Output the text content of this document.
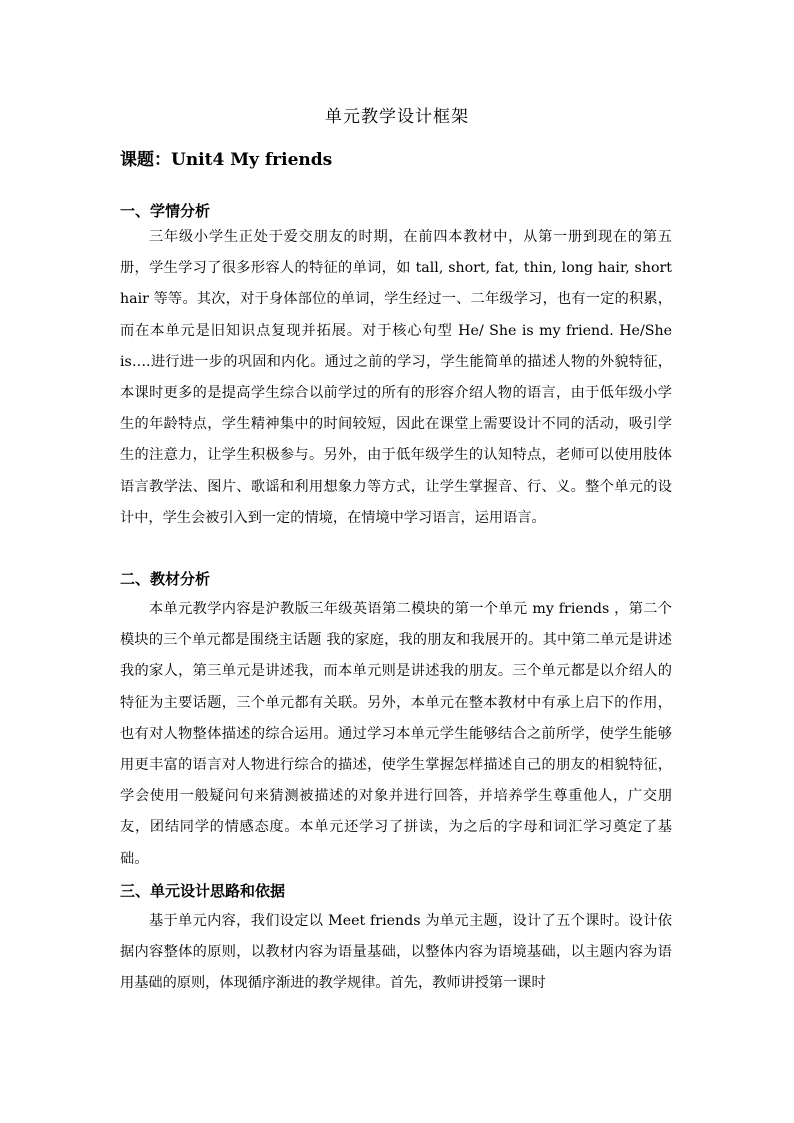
单元教学设计框架
课题：Unit4 My friends
一、学情分析

三年级小学生正处于爱交朋友的时期，在前四本教材中，从第一册到现在的第五册，学生学习了很多形容人的特征的单词，如 tall, short, fat, thin, long hair, short hair 等等。其次，对于身体部位的单词，学生经过一、二年级学习，也有一定的积累，而在本单元是旧知识点复现并拓展。对于核心句型 He/ She is my friend. He/She is….进行进一步的巩固和内化。通过之前的学习，学生能简单的描述人物的外貌特征，本课时更多的是提高学生综合以前学过的所有的形容介绍人物的语言，由于低年级小学生的年龄特点，学生精神集中的时间较短，因此在课堂上需要设计不同的活动，吸引学生的注意力，让学生积极参与。另外，由于低年级学生的认知特点，老师可以使用肢体语言教学法、图片、歌谣和利用想象力等方式，让学生掌握音、行、义。整个单元的设计中，学生会被引入到一定的情境，在情境中学习语言，运用语言。

二、教材分析

本单元教学内容是沪教版三年级英语第二模块的第一个单元 my friends ，第二个模块的三个单元都是围绕主话题 我的家庭，我的朋友和我展开的。其中第二单元是讲述我的家人，第三单元是讲述我，而本单元则是讲述我的朋友。三个单元都是以介绍人的特征为主要话题，三个单元都有关联。另外，本单元在整本教材中有承上启下的作用，也有对人物整体描述的综合运用。通过学习本单元学生能够结合之前所学，使学生能够用更丰富的语言对人物进行综合的描述，使学生掌握怎样描述自己的朋友的相貌特征，学会使用一般疑问句来猜测被描述的对象并进行回答，并培养学生尊重他人，广交朋友，团结同学的情感态度。本单元还学习了拼读，为之后的字母和词汇学习奠定了基础。

三、单元设计思路和依据

基于单元内容，我们设定以 Meet friends 为单元主题，设计了五个课时。设计依据内容整体的原则，以教材内容为语量基础，以整体内容为语境基础，以主题内容为语用基础的原则，体现循序渐进的教学规律。首先，教师讲授第一课时
